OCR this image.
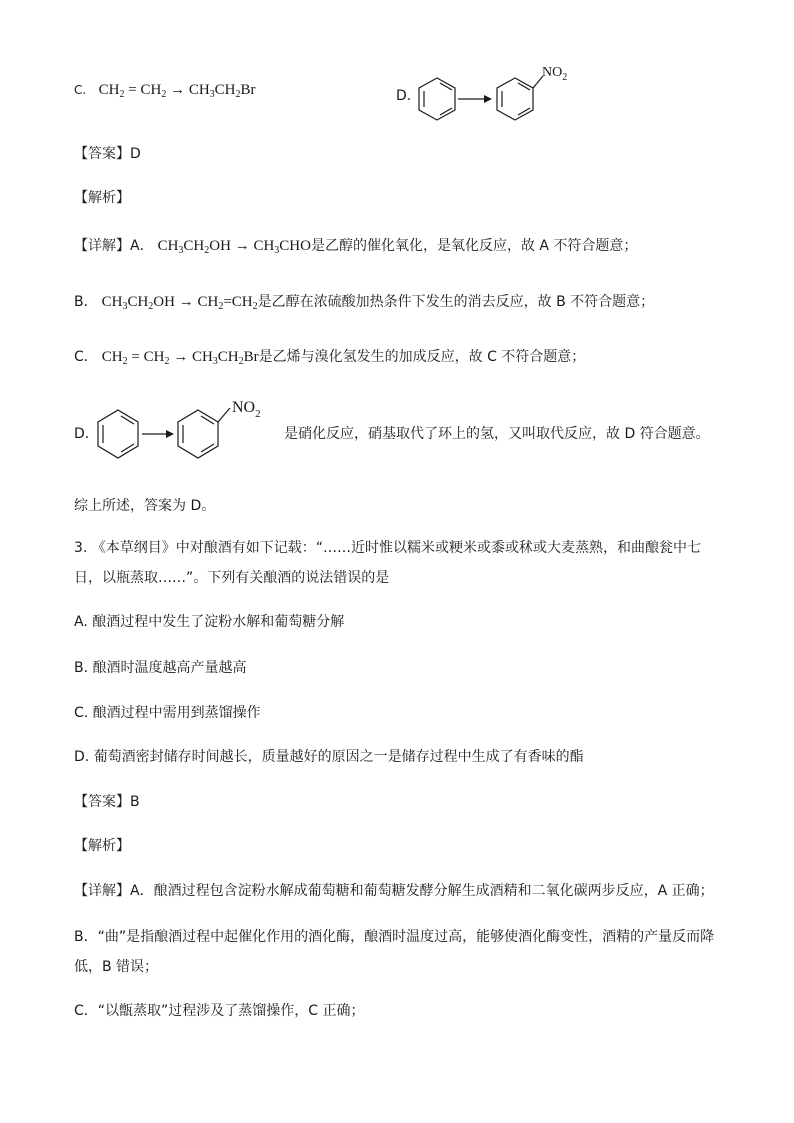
C. $CH_2 = CH_2 \to CH_3CH_2Br$	D.
$NO_2$
【答案】D
【解析】
【详解】A． $CH_3CH_2OH \to CH_3CHO$是乙醇的催化氧化，是氧化反应，故 A 不符合题意；
B． $CH_3CH_2OH \to CH_2=CH_2$是乙醇在浓硫酸加热条件下发生的消去反应，故 B 不符合题意；
C． $CH_2 = CH_2 \to CH_3CH_2Br$是乙烯与溴化氢发生的加成反应，故 C 不符合题意；
D．
$NO_2$
是硝化反应，硝基取代了环上的氢，又叫取代反应，故 D 符合题意。
综上所述，答案为 D。
3. 《本草纲目》中对酿酒有如下记载：“……近时惟以糯米或粳米或黍或秫或大麦蒸熟，和曲酿瓮中七
日，以瓶蒸取……”。下列有关酿酒的说法错误的是
A. 酿酒过程中发生了淀粉水解和葡萄糖分解
B. 酿酒时温度越高产量越高
C. 酿酒过程中需用到蒸馏操作
D. 葡萄酒密封储存时间越长，质量越好的原因之一是储存过程中生成了有香味的酯
【答案】B
【解析】
【详解】A．酿酒过程包含淀粉水解成葡萄糖和葡萄糖发酵分解生成酒精和二氧化碳两步反应，A 正确；
B．“曲”是指酿酒过程中起催化作用的酒化酶，酿酒时温度过高，能够使酒化酶变性，酒精的产量反而降
低，B 错误；
C．“以甑蒸取”过程涉及了蒸馏操作，C 正确；
